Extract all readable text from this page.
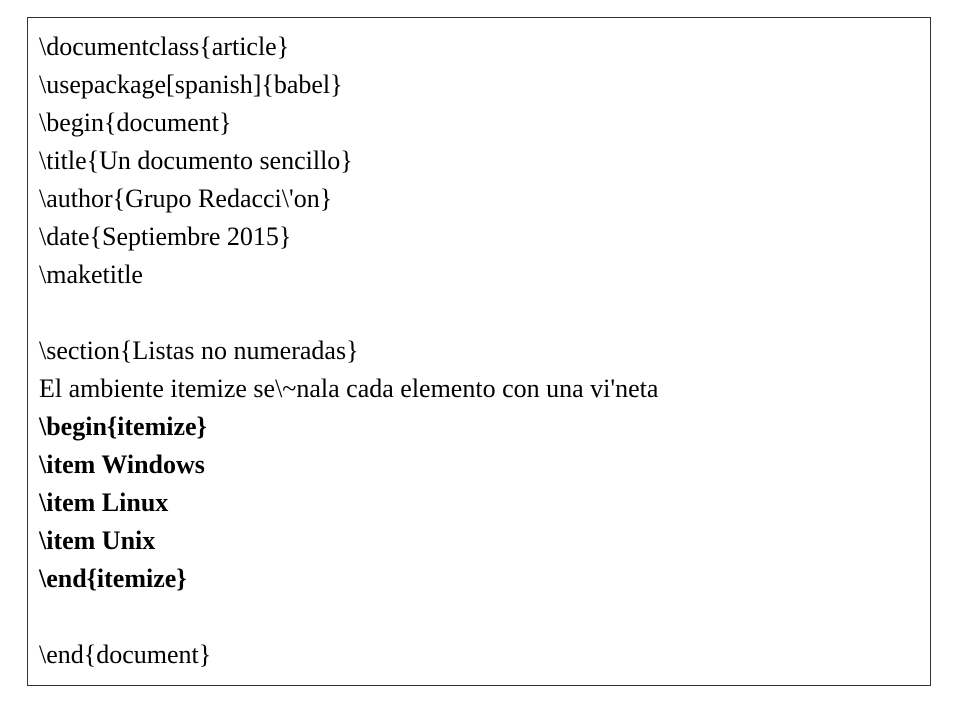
\documentclass{article}
\usepackage[spanish]{babel}
\begin{document}
\title{Un documento sencillo}
\author{Grupo Redacci\'on}
\date{Septiembre 2015}
\maketitle
\section{Listas no numeradas}
El ambiente itemize se\~nala cada elemento con una vi'neta
\begin{itemize}
\item Windows
\item Linux
\item Unix
\end{itemize}
\end{document}
